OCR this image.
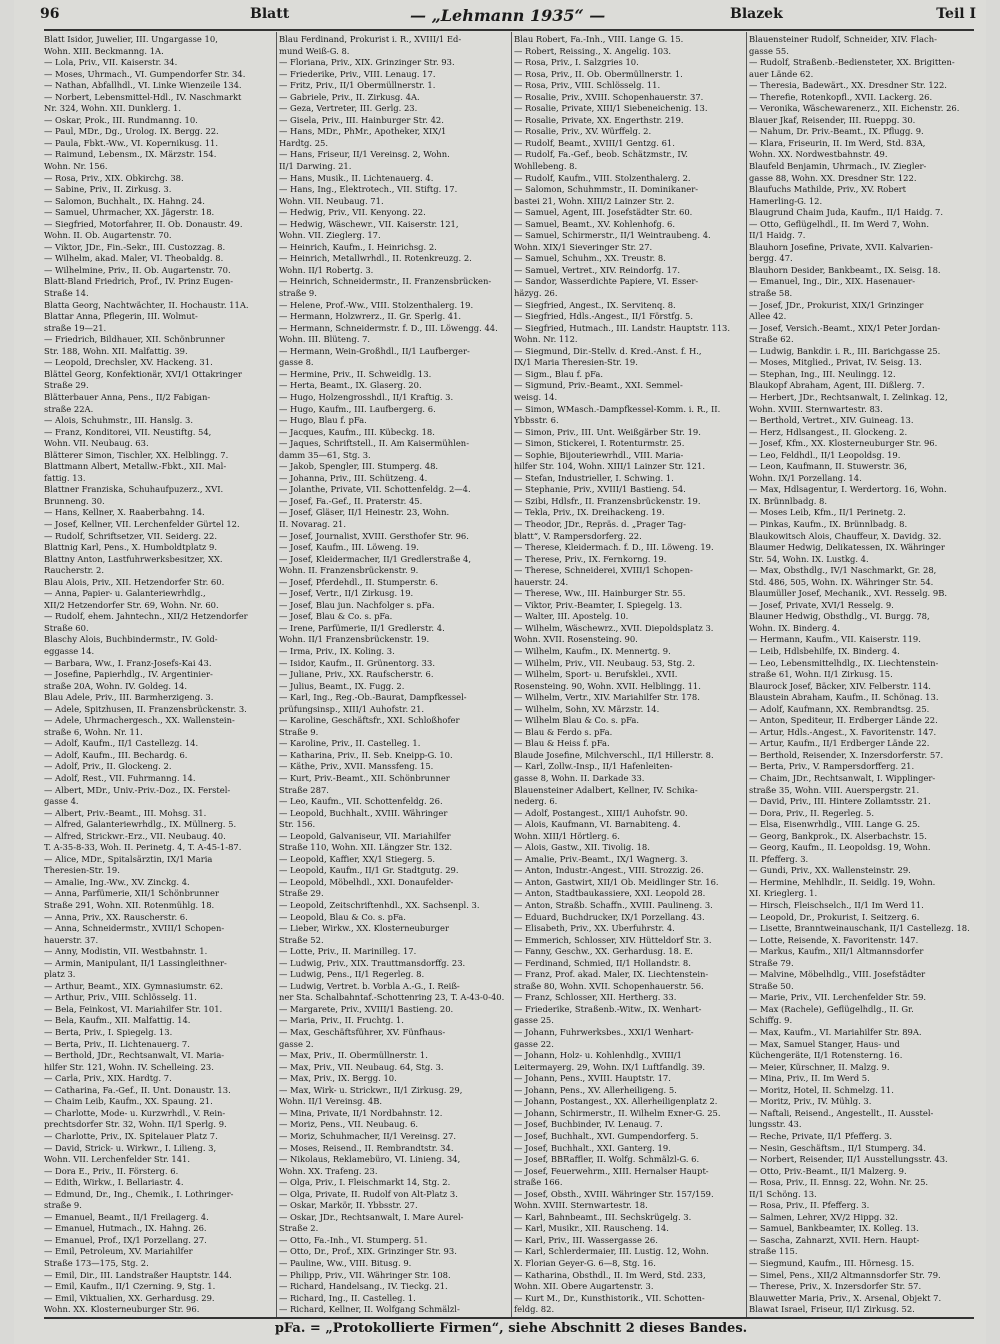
96	Blatt	— „Lehmann 1935“ —	Blazek	Teil I
Blatt Isidor, Juwelier, III. Ungargasse 10,
Wohn. XIII. Beckmanng. 1A.
— Lola, Priv., VII. Kaiserstr. 34.
— Moses, Uhrmach., VI. Gumpendorfer Str. 34.
— Nathan, Abfallhdl., VI. Linke Wienzeile 134.
— Norbert, Lebensmittel-Hdl., IV. Naschmarkt
Nr. 324, Wohn. XII. Dunklerg. 1.
— Oskar, Prok., III. Rundmanng. 10.
— Paul, MDr., Dg., Urolog. IX. Bergg. 22.
— Paula, Fbkt.-Ww., VI. Kopernikusg. 11.
— Raimund, Lebensm., IX. Märzstr. 154.
Wohn. Nr. 156.
— Rosa, Priv., XIX. Obkirchg. 38.
— Sabine, Priv., II. Zirkusg. 3.
— Salomon, Buchhalt., IX. Hahng. 24.
— Samuel, Uhrmacher, XX. Jägerstr. 18.
— Siegfried, Motorfahrer, II. Ob. Donaustr. 49.
Wohn. II. Ob. Augartenstr. 70.
— Viktor, JDr., Fin.-Sekr., III. Custozzag. 8.
— Wilhelm, akad. Maler, VI. Theobaldg. 8.
— Wilhelmine, Priv., II. Ob. Augartenstr. 70.
Blatt-Bland Friedrich, Prof., IV. Prinz Eugen-
Straße 14.
Blatta Georg, Nachtwächter, II. Hochaustr. 11A.
Blattar Anna, Pflegerin, III. Wolmut-
straße 19—21.
— Friedrich, Bildhauer, XII. Schönbrunner
Str. 188, Wohn. XII. Malfattig. 39.
— Leopold, Drechsler, XV. Hackeng. 31.
Blättel Georg, Konfektionär, XVI/1 Ottakringer
Straße 29.
Blätterbauer Anna, Pens., II/2 Fabigan-
straße 22A.
— Alois, Schuhmstr., III. Hanslg. 3.
— Franz, Konditorei, VII. Neustiftg. 54,
Wohn. VII. Neubaug. 63.
Blätterer Simon, Tischler, XX. Helblingg. 7.
Blattmann Albert, Metallw.-Fbkt., XII. Mal-
fattig. 13.
Blattner Franziska, Schuhaufpuzerz., XVI.
Brunneng. 30.
— Hans, Kellner, X. Raaberbahng. 14.
— Josef, Kellner, VII. Lerchenfelder Gürtel 12.
— Rudolf, Schriftsetzer, VII. Seiderg. 22.
Blattnig Karl, Pens., X. Humboldtplatz 9.
Blattny Anton, Lastfuhrwerksbesitzer, XX.
Raucherstr. 2.
Blau Alois, Priv., XII. Hetzendorfer Str. 60.
— Anna, Papier- u. Galanteriewrhdlg.,
XII/2 Hetzendorfer Str. 69, Wohn. Nr. 60.
— Rudolf, ehem. Jahntechn., XII/2 Hetzendorfer
Straße 60.
Blaschy Alois, Buchbindermstr., IV. Gold-
eggasse 14.
— Barbara, Ww., I. Franz-Josefs-Kai 43.
— Josefine, Papierhdlg., IV. Argentinier-
straße 20A, Wohn. IV. Goldeg. 14.
Blau Adele, Priv., III. Barmherzigeng. 3.
— Adele, Spitzhusen, II. Franzensbrückenstr. 3.
— Adele, Uhrmachergesch., XX. Wallenstein-
straße 6, Wohn. Nr. 11.
— Adolf, Kaufm., II/1 Castellezg. 14.
— Adolf, Kaufm., III. Bechardg. 6.
— Adolf, Priv., II. Glockeng. 2.
— Adolf, Rest., VII. Fuhrmanng. 14.
— Albert, MDr., Univ.-Priv.-Doz., IX. Ferstel-
gasse 4.
— Albert, Priv.-Beamt., III. Mohsg. 31.
— Alfred, Galanteriewrhdlg., IX. Müllnerg. 5.
— Alfred, Strickwr.-Erz., VII. Neubaug. 40.
T. A-35-8-33, Woh. II. Perinetg. 4, T. A-45-1-87.
— Alice, MDr., Spitalsärztin, IX/1 Maria
Theresien-Str. 19.
— Amalie, Ing.-Ww., XV. Zinckg. 4.
— Anna, Parfümerie, XII/1 Schönbrunner
Straße 291, Wohn. XII. Rotenmühlg. 18.
— Anna, Priv., XX. Rauscherstr. 6.
— Anna, Schneidermstr., XVIII/1 Schopen-
hauerstr. 37.
— Anny, Modistin, VII. Westbahnstr. 1.
— Armin, Manipulant, II/1 Lassingleithner-
platz 3.
— Arthur, Beamt., XIX. Gymnasiumstr. 62.
— Arthur, Priv., VIII. Schlösselg. 11.
— Bela, Feinkost, VI. Mariahilfer Str. 101.
— Bela, Kaufm., XII. Malfattig. 14.
— Berta, Priv., I. Spiegelg. 13.
— Berta, Priv., II. Lichtenauerg. 7.
— Berthold, JDr., Rechtsanwalt, VI. Maria-
hilfer Str. 121, Wohn. IV. Schelleing. 23.
— Carla, Priv., XIX. Hardtg. 7.
— Catharina, Fa.-Gef., II. Unt. Donaustr. 13.
— Chaim Leib, Kaufm., XX. Spaung. 21.
— Charlotte, Mode- u. Kurzwrhdl., V. Rein-
prechtsdorfer Str. 32, Wohn. II/1 Sperlg. 9.
— Charlotte, Priv., IX. Spitelauer Platz 7.
— David, Strick- u. Wirkwr., I. Lilieng. 3,
Wohn. VII. Lerchenfelder Str. 141.
— Dora E., Priv., II. Försterg. 6.
— Edith, Wirkw., I. Bellariastr. 4.
— Edmund, Dr., Ing., Chemik., I. Lothringer-
straße 9.
— Emanuel, Beamt., II/1 Freilagerg. 4.
— Emanuel, Hutmach., IX. Hahng. 26.
— Emanuel, Prof., IX/1 Porzellang. 27.
— Emil, Petroleum, XV. Mariahilfer
Straße 173—175, Stg. 2.
— Emil, Dir., III. Landstraßer Hauptstr. 144.
— Emil, Kaufm., II/1 Czerning. 9, Stg. 1.
— Emil, Viktualien, XX. Gerhardusg. 29.
Wohn. XX. Klosterneuburger Str. 96.
Blau Ferdinand, Prokurist i. R., XVIII/1 Ed-
mund Weiß-G. 8.
— Floriana, Priv., XIX. Grinzinger Str. 93.
— Friederike, Priv., VIII. Lenaug. 17.
— Fritz, Priv., II/1 Obermüllnerstr. 1.
— Gabriele, Priv., II. Zirkusg. 4A.
— Geza, Vertreter, III. Gerlg. 23.
— Gisela, Priv., III. Hainburger Str. 42.
— Hans, MDr., PhMr., Apotheker, XIX/1
Hardtg. 25.
— Hans, Friseur, II/1 Vereinsg. 2, Wohn.
II/1 Darwing. 21.
— Hans, Musik., II. Lichtenauerg. 4.
— Hans, Ing., Elektrotech., VII. Stiftg. 17.
Wohn. VII. Neubaug. 71.
— Hedwig, Priv., VII. Kenyong. 22.
— Hedwig, Wäschewr., VII. Kaiserstr. 121,
Wohn. VII. Zieglerg. 17.
— Heinrich, Kaufm., I. Heinrichsg. 2.
— Heinrich, Metallwrhdl., II. Rotenkreuzg. 2.
Wohn. II/1 Robertg. 3.
— Heinrich, Schneidermstr., II. Franzensbrücken-
straße 9.
— Helene, Prof.-Ww., VIII. Stolzenthalerg. 19.
— Hermann, Holzwrerz., II. Gr. Sperlg. 41.
— Hermann, Schneidermstr. f. D., III. Löwengg. 44.
Wohn. III. Blüteng. 7.
— Hermann, Wein-Großhdl., II/1 Laufberger-
gasse 8.
— Hermine, Priv., II. Schweidlg. 13.
— Herta, Beamt., IX. Glaserg. 20.
— Hugo, Holzengrosshdl., II/1 Kraftig. 3.
— Hugo, Kaufm., III. Laufbergerg. 6.
— Hugo, Blau f. pFa.
— Jacques, Kaufm., III. Kübeckg. 18.
— Jaques, Schriftstell., II. Am Kaisermühlen-
damm 35—61, Stg. 3.
— Jakob, Spengler, III. Stumperg. 48.
— Johanna, Priv., III. Schützeng. 4.
— Jolanthe, Private, VII. Schottenfeldg. 2—4.
— Josef, Fa.-Gef., II. Praterstr. 45.
— Josef, Gläser, II/1 Heinestr. 23, Wohn.
II. Novarag. 21.
— Josef, Journalist, XVIII. Gersthofer Str. 96.
— Josef, Kaufm., III. Löweng. 19.
— Josef, Kleidermacher, II/1 Gredlerstraße 4,
Wohn. II. Franzensbrückenstr. 9.
— Josef, Pferdehdl., II. Stumperstr. 6.
— Josef, Vertr., II/1 Zirkusg. 19.
— Josef, Blau jun. Nachfolger s. pFa.
— Josef, Blau & Co. s. pFa.
— Irene, Parfümerie, II/1 Gredlerstr. 4.
Wohn. II/1 Franzensbrückenstr. 19.
— Irma, Priv., IX. Koling. 3.
— Isidor, Kaufm., II. Grünentorg. 33.
— Juliane, Priv., XX. Raufscherstr. 6.
— Julius, Beamt., IX. Fugg. 2.
— Karl, Ing., Reg.-Ob.-Baurat, Dampfkessel-
prüfungsinsp., XIII/1 Auhofstr. 21.
— Karoline, Geschäftsfr., XXI. Schloßhofer
Straße 9.
— Karoline, Priv., II. Castelleg. 1.
— Katharina, Priv., II. Seb. Kneipp-G. 10.
— Käthe, Priv., XVII. Manssfeng. 15.
— Kurt, Priv.-Beamt., XII. Schönbrunner
Straße 287.
— Leo, Kaufm., VII. Schottenfeldg. 26.
— Leopold, Buchhalt., XVIII. Währinger
Str. 156.
— Leopold, Galvaniseur, VII. Mariahilfer
Straße 110, Wohn. XII. Längzer Str. 132.
— Leopold, Kaffier, XX/1 Stiegerg. 5.
— Leopold, Kaufm., II/1 Gr. Stadtgutg. 29.
— Leopold, Möbelhdl., XXI. Donaufelder-
Straße 29.
— Leopold, Zeitschriftenhdl., XX. Sachsenpl. 3.
— Leopold, Blau & Co. s. pFa.
— Lieber, Wirkw., XX. Klosterneuburger
Straße 52.
— Lotte, Priv., II. Marinilleg. 17.
— Ludwig, Priv., XIX. Trauttmansdorffg. 23.
— Ludwig, Pens., II/1 Regerleg. 8.
— Ludwig, Vertret. b. Vorbla A.-G., I. Reiß-
ner Sta. Schalbahntaf.-Schottenring 23, T. A-43-0-40.
— Margarete, Priv., XVIII/1 Bastieng. 20.
— Maria, Priv., II. Fruchtg. 1.
— Max, Geschäftsführer, XV. Fünfhaus-
gasse 2.
— Max, Priv., II. Obermüllnerstr. 1.
— Max, Priv., VII. Neubaug. 64, Stg. 3.
— Max, Priv., IX. Bergg. 10.
— Max, Wirk- u. Strickwr., II/1 Zirkusg. 29,
Wohn. II/1 Vereinsg. 4B.
— Mina, Private, II/1 Nordbahnstr. 12.
— Moriz, Pens., VII. Neubaug. 6.
— Moriz, Schuhmacher, II/1 Vereinsg. 27.
— Moses, Reisend., II. Rembrandtstr. 34.
— Nikolaus, Reklamebüro, VI. Linieng. 34,
Wohn. XX. Trafeng. 23.
— Olga, Priv., I. Fleischmarkt 14, Stg. 2.
— Olga, Private, II. Rudolf von Alt-Platz 3.
— Oskar, Markör, II. Ybbsstr. 27.
— Oskar, JDr., Rechtsanwalt, I. Mare Aurel-
Straße 2.
— Otto, Fa.-Inh., VI. Stumperg. 51.
— Otto, Dr., Prof., XIX. Grinzinger Str. 93.
— Pauline, Ww., VIII. Bitusg. 9.
— Philipp, Priv., VII. Währinger Str. 108.
— Richard, Handelsang., IV. Tieckg. 21.
— Richard, Ing., II. Castelleg. 1.
— Richard, Kellner, II. Wolfgang Schmälzl-
Blau Robert, Fa.-Inh., VIII. Lange G. 15.
— Robert, Reissing., X. Angelig. 103.
— Rosa, Priv., I. Salzgries 10.
— Rosa, Priv., II. Ob. Obermüllnerstr. 1.
— Rosa, Priv., VIII. Schlösselg. 11.
— Rosalie, Priv., XVIII. Schopenhauerstr. 37.
— Rosalie, Private, XIII/1 Siebeneichenig. 13.
— Rosalie, Private, XX. Engerthstr. 219.
— Rosalie, Priv., XV. Würffelg. 2.
— Rudolf, Beamt., XVIII/1 Gentzg. 61.
— Rudolf, Fa.-Gef., beob. Schätzmstr., IV.
Wohllebeng. 8.
— Rudolf, Kaufm., VIII. Stolzenthalerg. 2.
— Salomon, Schuhmmstr., II. Dominikaner-
bastei 21, Wohn. XIII/2 Lainzer Str. 2.
— Samuel, Agent, III. Josefstädter Str. 60.
— Samuel, Beamt., XV. Kohlenhofg. 6.
— Samuel, Schirmerstr., II/1 Weintraubeng. 4.
Wohn. XIX/1 Sieveringer Str. 27.
— Samuel, Schuhm., XX. Treustr. 8.
— Samuel, Vertret., XIV. Reindorfg. 17.
— Sandor, Wasserdichte Papiere, VI. Esser-
häzyg. 26.
— Siegfried, Angest., IX. Servitenq. 8.
— Siegfried, Hdls.-Angest., II/1 Förstfg. 5.
— Siegfried, Hutmach., III. Landstr. Hauptstr. 113.
Wohn. Nr. 112.
— Siegmund, Dir.-Stellv. d. Kred.-Anst. f. H.,
IX/1 Maria Theresien-Str. 19.
— Sigm., Blau f. pFa.
— Sigmund, Priv.-Beamt., XXI. Semmel-
weisg. 14.
— Simon, WMasch.-Dampfkessel-Komm. i. R., II.
Ybbsstr. 6.
— Simon, Priv., III. Unt. Weißgärber Str. 19.
— Simon, Stickerei, I. Rotenturmstr. 25.
— Sophie, Bijouteriewrhdl., VIII. Maria-
hilfer Str. 104, Wohn. XIII/1 Lainzer Str. 121.
— Stefan, Industrieller, I. Schwing. 1.
— Stephanie, Priv., XVIII/1 Bastieng. 54.
— Szibi, Hdlsfr., II. Franzensbrückenstr. 19.
— Tekla, Priv., IX. Dreihackeng. 19.
— Theodor, JDr., Repräs. d. „Prager Tag-
blatt“, V. Rampersdorferg. 22.
— Therese, Kleidermach. f. D., III. Löweng. 19.
— Therese, Priv., IX. Fernkorng. 19.
— Therese, Schneiderei, XVIII/1 Schopen-
hauerstr. 24.
— Therese, Ww., III. Hainburger Str. 55.
— Viktor, Priv.-Beamter, I. Spiegelg. 13.
— Walter, III. Apostelg. 10.
— Wilhelm, Wäschewrz., XVII. Diepoldsplatz 3.
Wohn. XVII. Rosensteing. 90.
— Wilhelm, Kaufm., IX. Mennertg. 9.
— Wilhelm, Priv., VII. Neubaug. 53, Stg. 2.
— Wilhelm, Sport- u. Berufsklei., XVII.
Rosensteing. 90, Wohn. XVII. Helblingg. 11.
— Wilhelm, Vertr., XIV. Mariahilfer Str. 178.
— Wilhelm, Sohn, XV. Märzstr. 14.
— Wilhelm Blau & Co. s. pFa.
— Blau & Ferdo s. pFa.
— Blau & Heiss f. pFa.
Blaude Josefine, Milchverschl., II/1 Hillerstr. 8.
— Karl, Zollw.-Insp., II/1 Hafenleiten-
gasse 8, Wohn. II. Darkade 33.
Blauensteiner Adalbert, Kellner, IV. Schika-
nederg. 6.
— Adolf, Postangest., XIII/1 Auhofstr. 90.
— Alois, Kaufmann, VI. Barnabiteng. 4.
Wohn. XIII/1 Hörtlerg. 6.
— Alois, Gastw., XII. Tivolig. 18.
— Amalie, Priv.-Beamt., IX/1 Wagnerg. 3.
— Anton, Industr.-Angest., VIII. Strozzig. 26.
— Anton, Gastwirt, XII/1 Ob. Meidlinger Str. 16.
— Anton, Stadtbaukassiere, XXI. Leopold 28.
— Anton, Straßb. Schaffn., XVIII. Paulineng. 3.
— Eduard, Buchdrucker, IX/1 Porzellang. 43.
— Elisabeth, Priv., XX. Uberfuhrstr. 4.
— Emmerich, Schlosser, XIV. Hütteldorf Str. 3.
— Fanny, Geschw., XX. Gerhardusg. 18. E.
— Ferdinand, Schmied, II/1 Hollandstr. 8.
— Franz, Prof. akad. Maler, IX. Liechtenstein-
straße 80, Wohn. XVII. Schopenhauerstr. 56.
— Franz, Schlosser, XII. Hertherg. 33.
— Friederike, Straßenb.-Witw., IX. Wenhart-
gasse 25.
— Johann, Fuhrwerksbes., XXI/1 Wenhart-
gasse 22.
— Johann, Holz- u. Kohlenhdlg., XVIII/1
Leitermayerg. 29, Wohn. IX/1 Luftfandlg. 39.
— Johann, Pens., XVIII. Hauptstr. 17.
— Johann, Pens., XV. Allerheiligeng. 5.
— Johann, Postangest., XX. Allerheiligenplatz 2.
— Johann, Schirmerstr., II. Wilhelm Exner-G. 25.
— Josef, Buchbinder, IV. Lenaug. 7.
— Josef, Buchhalt., XVI. Gumpendorferg. 5.
— Josef, Buchhalt., XXI. Ganterg. 19.
— Josef, BBRaffler, II. Wolfg. Schmälzl-G. 6.
— Josef, Feuerwehrm., XIII. Hernalser Haupt-
straße 166.
— Josef, Obsth., XVIII. Währinger Str. 157/159.
Wohn. XVIII. Sternwartestr. 18.
— Karl, Bahnbeamt., III. Sechskrügelg. 3.
— Karl, Musikr., XII. Rauscheng. 14.
— Karl, Priv., III. Wassergasse 26.
— Karl, Schlerdermaier, III. Lustig. 12, Wohn.
X. Florian Geyer-G. 6—8, Stg. 16.
— Katharina, Obsthdl., II. Im Werd, Std. 233,
Wohn. XII. Obere Augartenstr. 3.
— Kurt M., Dr., Kunsthistorik., VII. Schotten-
feldg. 82.
Blauensteiner Rudolf, Schneider, XIV. Flach-
gasse 55.
— Rudolf, Straßenb.-Bediensteter, XX. Brigitten-
auer Lände 62.
— Theresia, Badewärt., XX. Dresdner Str. 122.
— Therefie, Rotenkopfl., XVII. Lackerg. 26.
— Veronika, Wäschewarenerz., XII. Eichenstr. 26.
Blauer Jkaf, Reisender, III. Rueppg. 30.
— Nahum, Dr. Priv.-Beamt., IX. Pflugg. 9.
— Klara, Friseurin, II. Im Werd, Std. 83A,
Wohn. XX. Nordwestbahnstr. 49.
Blaufeld Benjamin, Uhrmach., IV. Ziegler-
gasse 88, Wohn. XX. Dresdner Str. 122.
Blaufuchs Mathilde, Priv., XV. Robert
Hamerling-G. 12.
Blaugrund Chaim Juda, Kaufm., II/1 Haidg. 7.
— Otto, Geflügelhdl., II. Im Werd 7, Wohn.
II/1 Haidg. 7.
Blauhorn Josefine, Private, XVII. Kalvarien-
bergg. 47.
Blauhorn Desider, Bankbeamt., IX. Seisg. 18.
— Emanuel, Ing., Dir., XIX. Hasenauer-
straße 58.
— Josef, JDr., Prokurist, XIX/1 Grinzinger
Allee 42.
— Josef, Versich.-Beamt., XIX/1 Peter Jordan-
Straße 62.
— Ludwig, Bankdir. i. R., III. Barichgasse 25.
— Moses, Mitglied., Privat, IV. Seisg. 13.
— Stephan, Ing., III. Neulingg. 12.
Blaukopf Abraham, Agent, III. Dißlerg. 7.
— Herbert, JDr., Rechtsanwalt, I. Zelinkag. 12,
Wohn. XVIII. Sternwartestr. 83.
— Berthold, Vertret., XIV. Guineag. 13.
— Herz, Hdlsangest., II. Glockeng. 2.
— Josef, Kfm., XX. Klosterneuburger Str. 96.
— Leo, Feldhdl., II/1 Leopoldsg. 19.
— Leon, Kaufmann, II. Stuwerstr. 36,
Wohn. IX/1 Porzellang. 14.
— Max, Hdlsagentur, I. Werdertorg. 16, Wohn.
IX. Brünnlbadg. 8.
— Moses Leib, Kfm., II/1 Perinetg. 2.
— Pinkas, Kaufm., IX. Brünnlbadg. 8.
Blaukowitsch Alois, Chauffeur, X. Davidg. 32.
Blaumer Hedwig, Delikatessen, IX. Währinger
Str. 54, Wohn. IX. Lustkg. 4.
— Max, Obsthdlg., IV/1 Naschmarkt, Gr. 28,
Std. 486, 505, Wohn. IX. Währinger Str. 54.
Blaumüller Josef, Mechanik., XVI. Resselg. 9B.
— Josef, Private, XVI/1 Resselg. 9.
Blauner Hedwig, Obsthdlg., VI. Burgg. 78,
Wohn. IX. Binderg. 4.
— Hermann, Kaufm., VII. Kaiserstr. 119.
— Leib, Hdlsbehilfe, IX. Binderg. 4.
— Leo, Lebensmittelhdlg., IX. Liechtenstein-
straße 61, Wohn. II/1 Zirkusg. 15.
Blaurock Josef, Bäcker, XIV. Felberstr. 114.
Blaustein Abraham, Kaufm., II. Schönag. 13.
— Adolf, Kaufmann, XX. Rembrandtsg. 25.
— Anton, Spediteur, II. Erdberger Lände 22.
— Artur, Hdls.-Angest., X. Favoritenstr. 147.
— Artur, Kaufm., II/1 Erdberger Lände 22.
— Berthold, Reisender, X. Inzersdorferstr. 57.
— Berta, Priv., V. Rampersdorfferg. 21.
— Chaim, JDr., Rechtsanwalt, I. Wipplinger-
straße 35, Wohn. VIII. Auerspergstr. 21.
— David, Priv., III. Hintere Zollamtsstr. 21.
— Dora, Priv., II. Regerleg. 5.
— Elsa, Eisenwrhdlg., VIII. Lange G. 25.
— Georg, Bankprok., IX. Alserbachstr. 15.
— Georg, Kaufm., II. Leopoldsg. 19, Wohn.
II. Pfefferg. 3.
— Gundi, Priv., XX. Wallensteinstr. 29.
— Hermine, Mehlhdlr., II. Seidlg. 19, Wohn.
XI. Krieglerg. 1.
— Hirsch, Fleischselch., II/1 Im Werd 11.
— Leopold, Dr., Prokurist, I. Seitzerg. 6.
— Lisette, Branntweinauschank, II/1 Castellezg. 18.
— Lotte, Reisende, X. Favoritenstr. 147.
— Markus, Kaufm., XII/1 Altmannsdorfer
Straße 79.
— Malvine, Möbelhdlg., VIII. Josefstädter
Straße 50.
— Marie, Priv., VII. Lerchenfelder Str. 59.
— Max (Rachele), Geflügelhdlg., II. Gr.
Schiffg. 9.
— Max, Kaufm., VI. Mariahilfer Str. 89A.
— Max, Samuel Stanger, Haus- und
Küchengeräte, II/1 Rotensterng. 16.
— Meier, Kürschner, II. Malzg. 9.
— Mina, Priv., II. Im Werd 5.
— Moritz, Hotel, II. Schmelzg. 11.
— Moritz, Priv., IV. Mühlg. 3.
— Naftali, Reisend., Angestellt., II. Ausstel-
lungsstr. 43.
— Reche, Private, II/1 Pfefferg. 3.
— Nesin, Geschäftsm., II/1 Stumperg. 34.
— Norbert, Reisender, II/1 Ausstellungsstr. 43.
— Otto, Priv.-Beamt., II/1 Malzerg. 9.
— Rosa, Priv., II. Ennsg. 22, Wohn. Nr. 25.
II/1 Schöng. 13.
— Rosa, Priv., II. Pfefferg. 3.
— Salmen, Lehrer, XV/2 Hippg. 32.
— Samuel, Bankbeamter, IX. Kolleg. 13.
— Sascha, Zahnarzt, XVII. Hern. Haupt-
straße 115.
— Siegmund, Kaufm., III. Hörnesg. 15.
— Simel, Pens., XII/2 Altmannsdorfer Str. 79.
— Therese, Priv., X. Inzersdorfer Str. 57.
Blauwetter Maria, Priv., X. Arsenal, Objekt 7.
Blawat Israel, Friseur, II/1 Zirkusg. 52.
pFa. = „Protokollierte Firmen“, siehe Abschnitt 2 dieses Bandes.
